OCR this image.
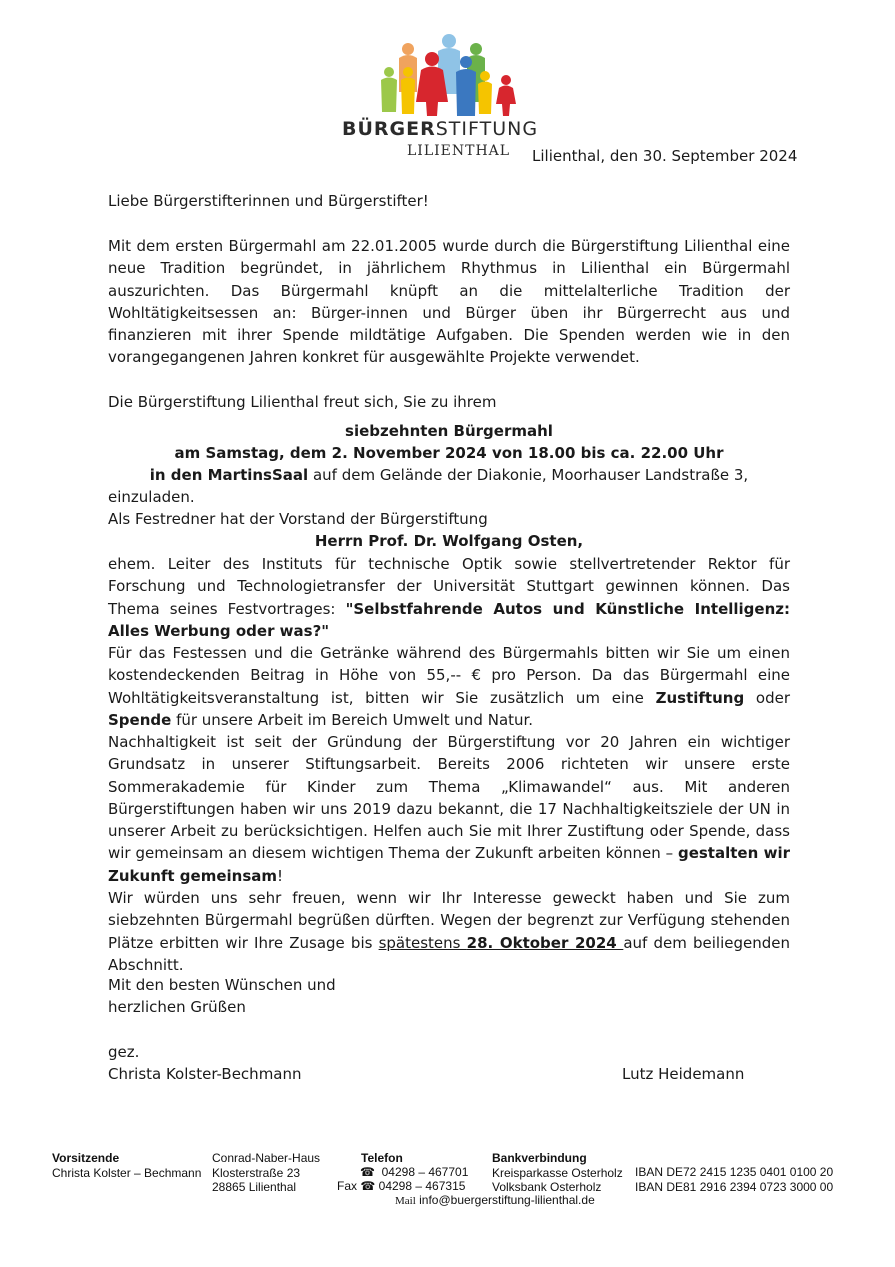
BÜRGERSTIFTUNG
LILIENTHAL Lilienthal, den 30. September 2024
Liebe Bürgerstifterinnen und Bürgerstifter!

Mit dem ersten Bürgermahl am 22.01.2005 wurde durch die Bürgerstiftung Lilienthal eine neue Tradition begründet, in jährlichem Rhythmus in Lilienthal ein Bürgermahl auszurichten. Das Bürgermahl knüpft an die mittelalterliche Tradition der Wohltätigkeitsessen an: Bürger-innen und Bürger üben ihr Bürgerrecht aus und finanzieren mit ihrer Spende mildtätige Aufgaben. Die Spenden werden wie in den vorangegangenen Jahren konkret für ausgewählte Projekte verwendet.

Die Bürgerstiftung Lilienthal freut sich, Sie zu ihrem
siebzehnten Bürgermahl
am Samstag, dem 2. November 2024 von 18.00 bis ca. 22.00 Uhr
in den MartinsSaal auf dem Gelände der Diakonie, Moorhauser Landstraße 3,
einzuladen.
Als Festredner hat der Vorstand der Bürgerstiftung
Herrn Prof. Dr. Wolfgang Osten,

ehem. Leiter des Instituts für technische Optik sowie stellvertretender Rektor für Forschung und Technologietransfer der Universität Stuttgart gewinnen können. Das Thema seines Festvortrages: "Selbstfahrende Autos und Künstliche Intelligenz: Alles Werbung oder was?"

Für das Festessen und die Getränke während des Bürgermahls bitten wir Sie um einen kostendeckenden Beitrag in Höhe von 55,-- € pro Person. Da das Bürgermahl eine Wohltätigkeitsveranstaltung ist, bitten wir Sie zusätzlich um eine Zustiftung oder Spende für unsere Arbeit im Bereich Umwelt und Natur.

Nachhaltigkeit ist seit der Gründung der Bürgerstiftung vor 20 Jahren ein wichtiger Grundsatz in unserer Stiftungsarbeit. Bereits 2006 richteten wir unsere erste Sommerakademie für Kinder zum Thema „Klimawandel“ aus. Mit anderen Bürgerstiftungen haben wir uns 2019 dazu bekannt, die 17 Nachhaltigkeitsziele der UN in unserer Arbeit zu berücksichtigen. Helfen auch Sie mit Ihrer Zustiftung oder Spende, dass wir gemeinsam an diesem wichtigen Thema der Zukunft arbeiten können – gestalten wir Zukunft gemeinsam!

Wir würden uns sehr freuen, wenn wir Ihr Interesse geweckt haben und Sie zum siebzehnten Bürgermahl begrüßen dürften. Wegen der begrenzt zur Verfügung stehenden Plätze erbitten wir Ihre Zusage bis spätestens 28. Oktober 2024 auf dem beiliegenden Abschnitt.

Mit den besten Wünschen und
herzlichen Grüßen
gez.
Christa Kolster-Bechmann	Lutz Heidemann
Vorsitzende
Christa Kolster – Bechmann
Conrad-Naber-Haus
Klosterstraße 23
28865 Lilienthal
Telefon
☎ 04298 – 467701
Fax ☎ 04298 – 467315
Mail info@buergerstiftung-lilienthal.de
Bankverbindung
Kreisparkasse Osterholz
Volksbank Osterholz
IBAN DE72 2415 1235 0401 0100 20
IBAN DE81 2916 2394 0723 3000 00
